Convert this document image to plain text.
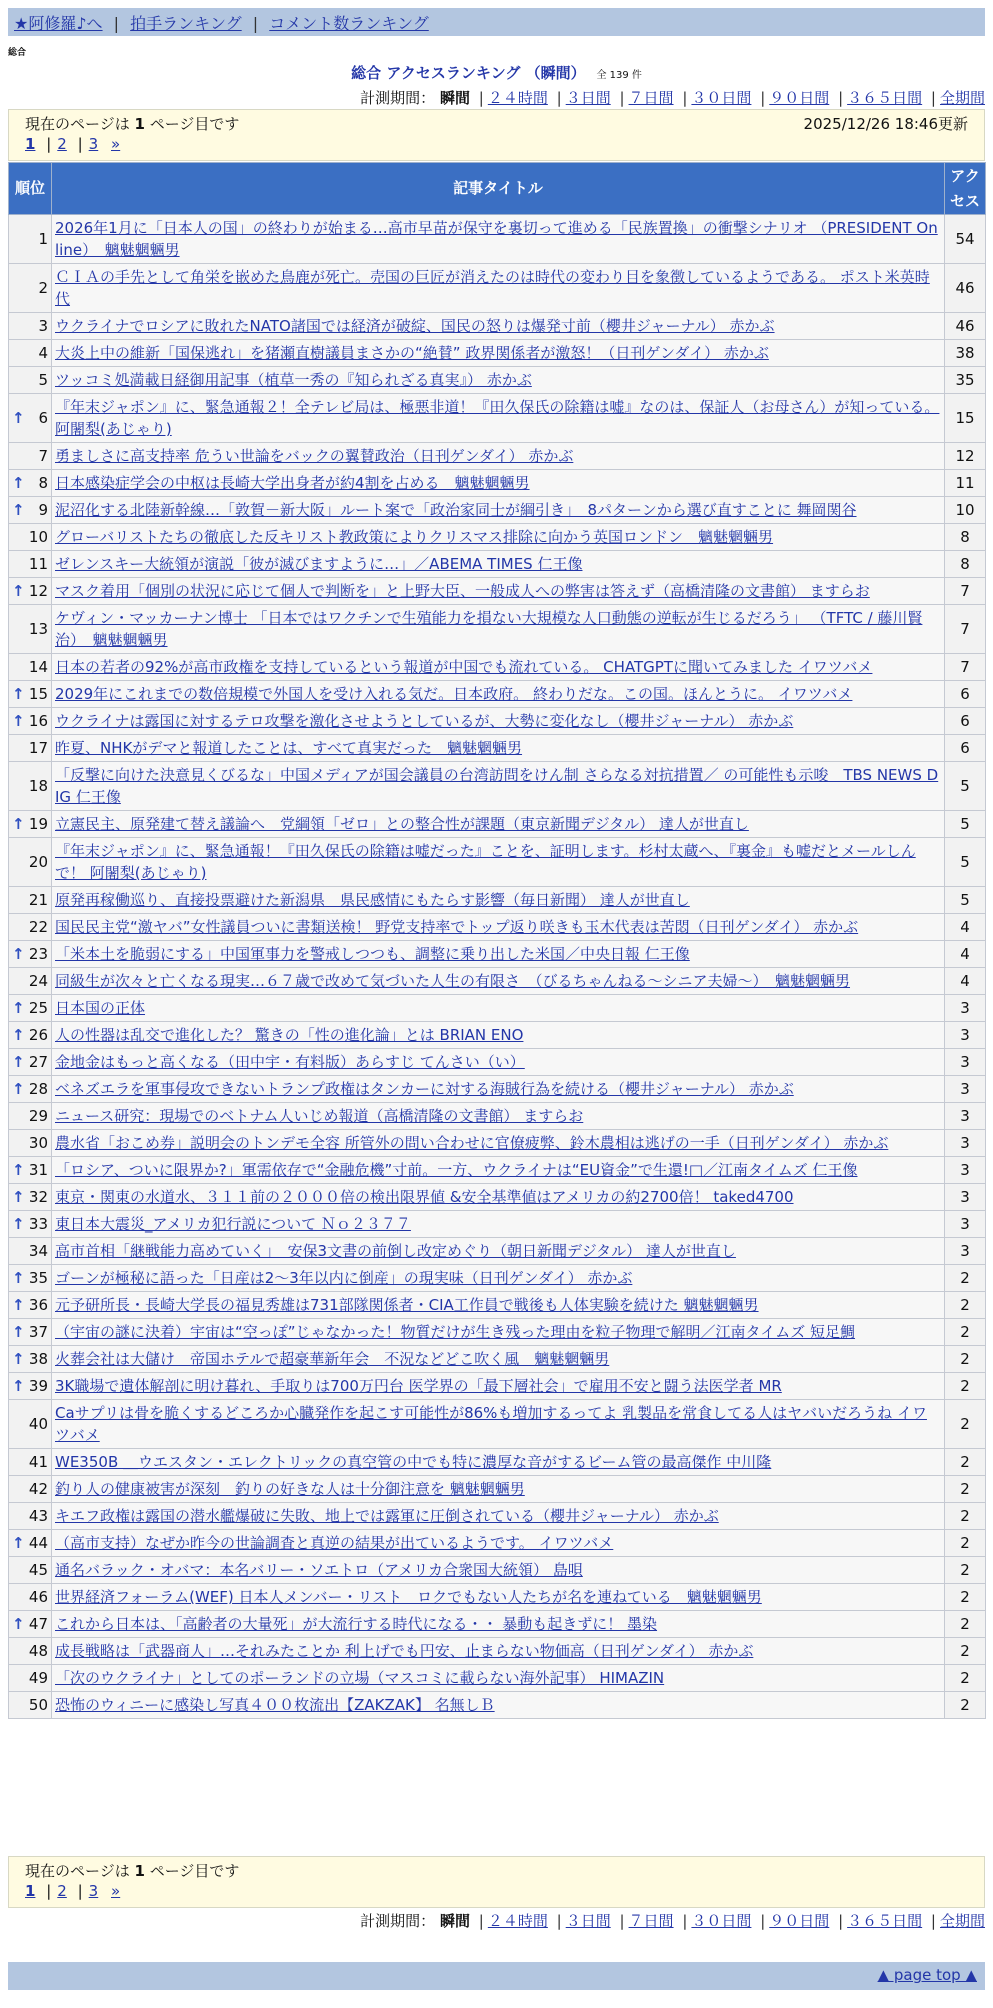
★阿修羅♪へ | 拍手ランキング | コメント数ランキング
総合
総合 アクセスランキング （瞬間） 全 139 件
計測期間： 瞬間 | ２４時間 | ３日間 | ７日間 | ３０日間 | ９０日間 | ３６５日間 | 全期間
現在のページは 1 ページ目です	2025/12/26 18:46更新
1 | 2 | 3 »
順位	記事タイトル	アクセス
1	2026年1月に「日本人の国」の終わりが始まる…高市早苗が保守を裏切って進める「民族置換」の衝撃シナリオ （PRESIDENT Online）　魑魅魍魎男	54
2	ＣＩＡの手先として角栄を嵌めた鳥鹿が死亡。売国の巨匠が消えたのは時代の変わり目を象徴しているようである。 ポスト米英時代	46
3	ウクライナでロシアに敗れたNATO諸国では経済が破綻、国民の怒りは爆発寸前（櫻井ジャーナル） 赤かぶ	46
4	大炎上中の維新「国保逃れ」を猪瀬直樹議員まさかの“絶賛” 政界関係者が激怒！（日刊ゲンダイ） 赤かぶ	38
5	ツッコミ処満載日経御用記事（植草一秀の『知られざる真実』） 赤かぶ	35

↑ 6	『年末ジャポン』に、緊急通報２！全テレビ局は、極悪非道！『田久保氏の除籍は嘘』なのは、保証人（お母さん）が知っている。 阿闍梨(あじゃり)	15
7	勇ましさに高支持率 危うい世論をバックの翼賛政治（日刊ゲンダイ） 赤かぶ	12

↑ 8	日本感染症学会の中枢は長崎大学出身者が約4割を占める　魑魅魍魎男	11

↑ 9	泥沼化する北陸新幹線…「敦賀－新大阪」ルート案で「政治家同士が綱引き」　8パターンから選び直すことに 舞岡関谷	10
10	グローバリストたちの徹底した反キリスト教政策によりクリスマス排除に向かう英国ロンドン　魑魅魍魎男	8
11	ゼレンスキー大統領が演説「彼が滅びますように…」／ABEMA TIMES 仁王像	8

↑ 12	マスク着用「個別の状況に応じて個人で判断を」と上野大臣、一般成人への弊害は答えず（高橋清隆の文書館） ますらお	7
13	ケヴィン・マッカーナン博士 「日本ではワクチンで生殖能力を損ない大規模な人口動態の逆転が生じるだろう」 （TFTC / 藤川賢治）　魑魅魍魎男	7
14	日本の若者の92%が高市政権を支持しているという報道が中国でも流れている。 CHATGPTに聞いてみました イワツバメ	7

↑ 15	2029年にこれまでの数倍規模で外国人を受け入れる気だ。日本政府。 終わりだな。この国。ほんとうに。 イワツバメ	6

↑ 16	ウクライナは露国に対するテロ攻撃を激化させようとしているが、大勢に変化なし（櫻井ジャーナル） 赤かぶ	6
17	昨夏、NHKがデマと報道したことは、すべて真実だった　魑魅魍魎男	6
18	「反撃に向けた決意見くびるな」中国メディアが国会議員の台湾訪問をけん制 さらなる対抗措置／ の可能性も示唆　TBS NEWS DIG 仁王像	5

↑ 19	立憲民主、原発建て替え議論へ　党綱領「ゼロ」との整合性が課題（東京新聞デジタル） 達人が世直し	5
20	『年末ジャポン』に、緊急通報！『田久保氏の除籍は嘘だった』ことを、証明します。杉村太蔵へ、『裏金』も嘘だとメールしんで！ 阿闍梨(あじゃり)	5
21	原発再稼働巡り、直接投票避けた新潟県　県民感情にもたらす影響（毎日新聞） 達人が世直し	5
22	国民民主党“激ヤバ”女性議員ついに書類送検！ 野党支持率でトップ返り咲きも玉木代表は苦悶（日刊ゲンダイ） 赤かぶ	4

↑ 23	「米本土を脆弱にする」中国軍事力を警戒しつつも、調整に乗り出した米国／中央日報 仁王像	4
24	同級生が次々と亡くなる現実…６７歳で改めて気づいた人生の有限さ　（びるちゃんねる～シニア夫婦～）　魑魅魍魎男	4

↑ 25	日本国の正体	3

↑ 26	人の性器は乱交で進化した？ 驚きの「性の進化論」とは BRIAN ENO	3

↑ 27	金地金はもっと高くなる（田中宇・有料版）あらすじ てんさい（い）	3

↑ 28	ベネズエラを軍事侵攻できないトランプ政権はタンカーに対する海賊行為を続ける（櫻井ジャーナル） 赤かぶ	3
29	ニュース研究：現場でのベトナム人いじめ報道（高橋清隆の文書館） ますらお	3
30	農水省「おこめ券」説明会のトンデモ全容 所管外の問い合わせに官僚疲弊、鈴木農相は逃げの一手（日刊ゲンダイ） 赤かぶ	3

↑ 31	「ロシア、ついに限界か?」軍需依存で“金融危機”寸前。一方、ウクライナは“EU資金”で生還!□／江南タイムズ 仁王像	3

↑ 32	東京・関東の水道水、３１１前の２０００倍の検出限界値 &安全基準値はアメリカの約2700倍！ taked4700	3

↑ 33	東日本大震災_アメリカ犯行説について Ｎｏ２３７７	3
34	高市首相「継戦能力高めていく」　安保3文書の前倒し改定めぐり（朝日新聞デジタル） 達人が世直し	3

↑ 35	ゴーンが極秘に語った「日産は2～3年以内に倒産」の現実味（日刊ゲンダイ） 赤かぶ	2

↑ 36	元予研所長・長崎大学長の福見秀雄は731部隊関係者・CIA工作員で戦後も人体実験を続けた 魑魅魍魎男	2

↑ 37	（宇宙の謎に決着）宇宙は“空っぽ”じゃなかった！物質だけが生き残った理由を粒子物理で解明／江南タイムズ 短足鯛	2

↑ 38	火葬会社は大儲け　帝国ホテルで超豪華新年会　不況などどこ吹く風　魑魅魍魎男	2

↑ 39	3K職場で遺体解剖に明け暮れ、手取りは700万円台 医学界の「最下層社会」で雇用不安と闘う法医学者 MR	2
40	Caサプリは骨を脆くするどころか心臓発作を起こす可能性が86%も増加するってよ 乳製品を常食してる人はヤバいだろうね イワツバメ	2
41	WE350B ＿ウエスタン・エレクトリックの真空管の中でも特に濃厚な音がするビーム管の最高傑作 中川隆	2
42	釣り人の健康被害が深刻　釣りの好きな人は十分御注意を 魑魅魍魎男	2
43	キエフ政権は露国の潜水艦爆破に失敗、地上では露軍に圧倒されている（櫻井ジャーナル） 赤かぶ	2

↑ 44	（高市支持）なぜか昨今の世論調査と真逆の結果が出ているようです。 イワツバメ	2
45	通名バラック・オバマ：本名バリー・ソエトロ（アメリカ合衆国大統領） 島唄	2
46	世界経済フォーラム(WEF) 日本人メンバー・リスト　ロクでもない人たちが名を連ねている　魑魅魍魎男	2

↑ 47	これから日本は、「高齢者の大量死」が大流行する時代になる・・ 暴動も起きずに！ 墨染	2
48	成長戦略は「武器商人」…それみたことか 利上げでも円安、止まらない物価高（日刊ゲンダイ） 赤かぶ	2
49	「次のウクライナ」としてのポーランドの立場（マスコミに載らない海外記事） HIMAZIN	2
50	恐怖のウィニーに感染し写真４００枚流出【ZAKZAK】 名無しＢ	2
現在のページは 1 ページ目です
1 | 2 | 3 »
計測期間： 瞬間 | ２４時間 | ３日間 | ７日間 | ３０日間 | ９０日間 | ３６５日間 | 全期間
▲ page top ▲
